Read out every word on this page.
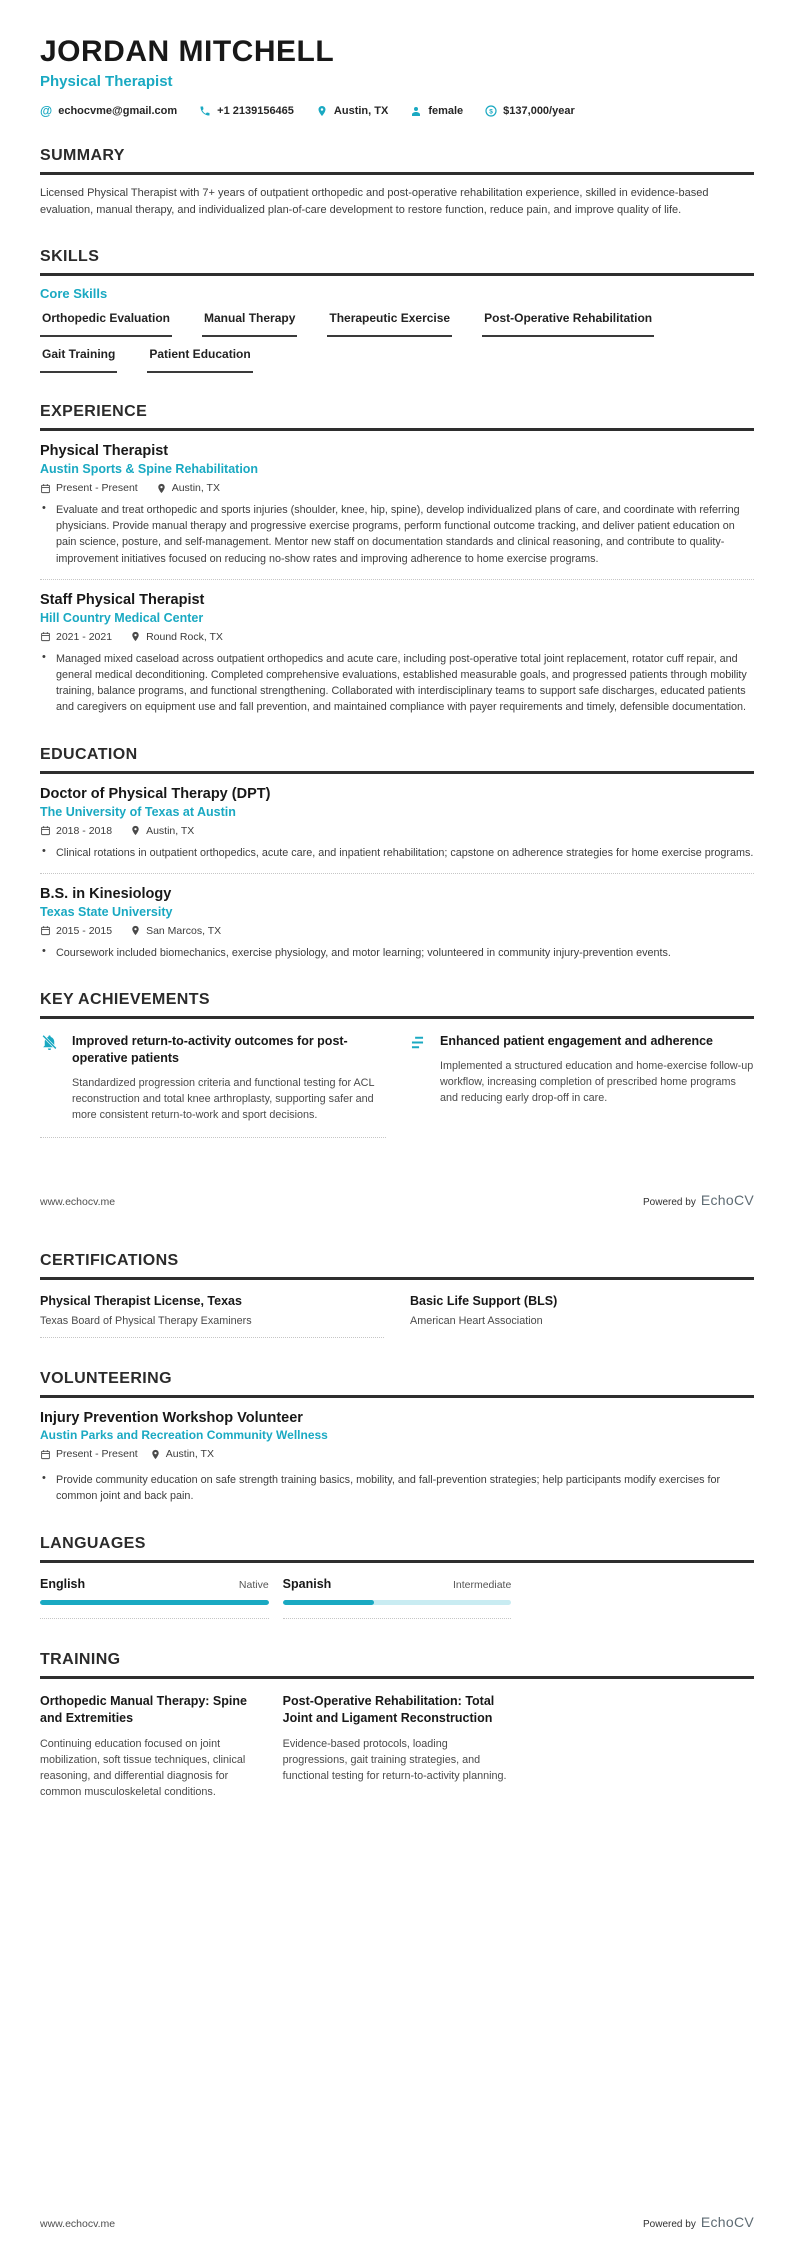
JORDAN MITCHELL
Physical Therapist
@ echocvme@gmail.com	+1 2139156465	Austin, TX	female $ $137,000/year
SUMMARY

Licensed Physical Therapist with 7+ years of outpatient orthopedic and post-operative rehabilitation experience, skilled in evidence-based evaluation, manual therapy, and individualized plan-of-care development to restore function, reduce pain, and improve quality of life.

SKILLS
Core Skills
Orthopedic Evaluation	Manual Therapy	Therapeutic Exercise	Post-Operative Rehabilitation
Gait Training	Patient Education
EXPERIENCE
Physical Therapist
Austin Sports & Spine Rehabilitation
Present - Present	Austin, TX
• Evaluate and treat orthopedic and sports injuries (shoulder, knee, hip, spine), develop individualized plans of care, and coordinate with referring physicians. Provide manual therapy and progressive exercise programs, perform functional outcome tracking, and deliver patient education on pain science, posture, and self-management. Mentor new staff on documentation standards and clinical reasoning, and contribute to quality-improvement initiatives focused on reducing no-show rates and improving adherence to home exercise programs.
Staff Physical Therapist
Hill Country Medical Center
2021 - 2021	Round Rock, TX
• Managed mixed caseload across outpatient orthopedics and acute care, including post-operative total joint replacement, rotator cuff repair, and general medical deconditioning. Completed comprehensive evaluations, established measurable goals, and progressed patients through mobility training, balance programs, and functional strengthening. Collaborated with interdisciplinary teams to support safe discharges, educated patients and caregivers on equipment use and fall prevention, and maintained compliance with payer requirements and timely, defensible documentation.
EDUCATION
Doctor of Physical Therapy (DPT)
The University of Texas at Austin
2018 - 2018	Austin, TX
• Clinical rotations in outpatient orthopedics, acute care, and inpatient rehabilitation; capstone on adherence strategies for home exercise programs.
B.S. in Kinesiology
Texas State University
2015 - 2015	San Marcos, TX
• Coursework included biomechanics, exercise physiology, and motor learning; volunteered in community injury-prevention events.
KEY ACHIEVEMENTS
Improved return-to-activity outcomes for post-operative patients
Standardized progression criteria and functional testing for ACL reconstruction and total knee arthroplasty, supporting safer and more consistent return-to-work and sport decisions.
Enhanced patient engagement and adherence
Implemented a structured education and home-exercise follow-up workflow, increasing completion of prescribed home programs and reducing early drop-off in care.
www.echocv.me	Powered by EchoCV
CERTIFICATIONS
Physical Therapist License, Texas
Texas Board of Physical Therapy Examiners
Basic Life Support (BLS)
American Heart Association
VOLUNTEERING
Injury Prevention Workshop Volunteer
Austin Parks and Recreation Community Wellness
Present - Present	Austin, TX
• Provide community education on safe strength training basics, mobility, and fall-prevention strategies; help participants modify exercises for common joint and back pain.
LANGUAGES
English	Native Spanish	Intermediate
TRAINING
Orthopedic Manual Therapy: Spine and Extremities
Continuing education focused on joint mobilization, soft tissue techniques, clinical reasoning, and differential diagnosis for common musculoskeletal conditions.
Post-Operative Rehabilitation: Total Joint and Ligament Reconstruction
Evidence-based protocols, loading progressions, gait training strategies, and functional testing for return-to-activity planning.
www.echocv.me	Powered by EchoCV
